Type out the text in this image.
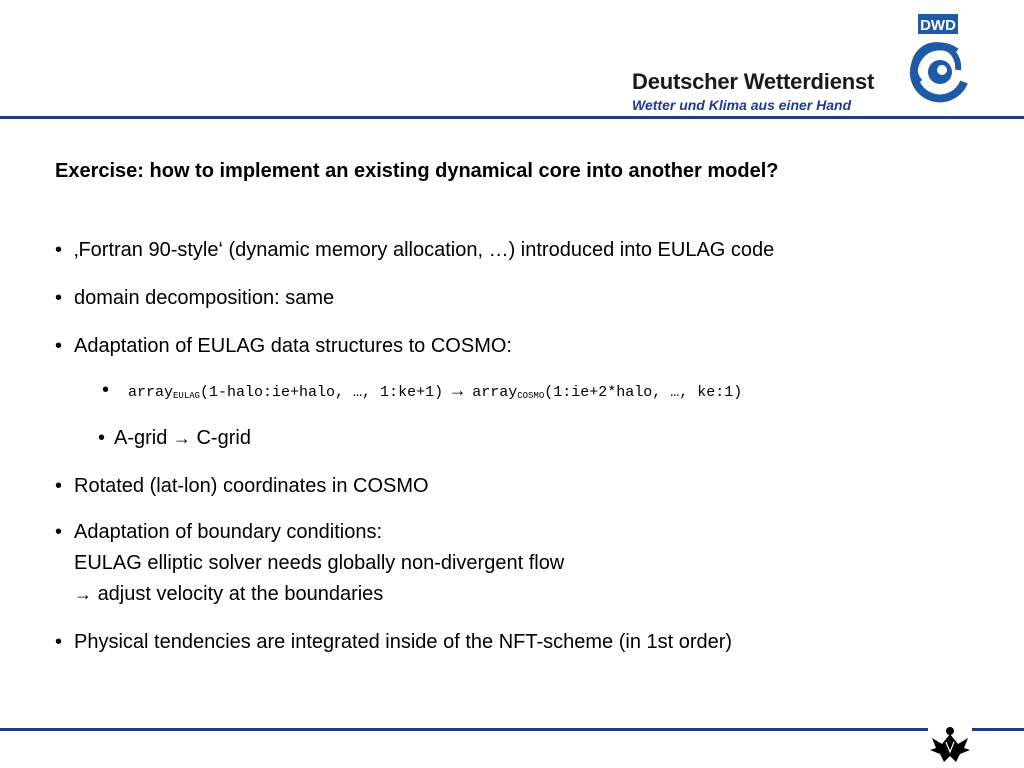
Deutscher Wetterdienst
Wetter und Klima aus einer Hand
DWD
Exercise: how to implement an existing dynamical core into another model?
• ‚Fortran 90-style‘ (dynamic memory allocation, …) introduced into EULAG code
• domain decomposition: same
• Adaptation of EULAG data structures to COSMO:
• array$_{EULAG}$(1-halo:ie+halo, …, 1:ke+1) → array$_{COSMO}$(1:ie+2*halo, …, ke:1)
• A-grid → C-grid
• Rotated (lat-lon) coordinates in COSMO
• Adaptation of boundary conditions:
EULAG elliptic solver needs globally non-divergent flow
→ adjust velocity at the boundaries
• Physical tendencies are integrated inside of the NFT-scheme (in 1st order)
